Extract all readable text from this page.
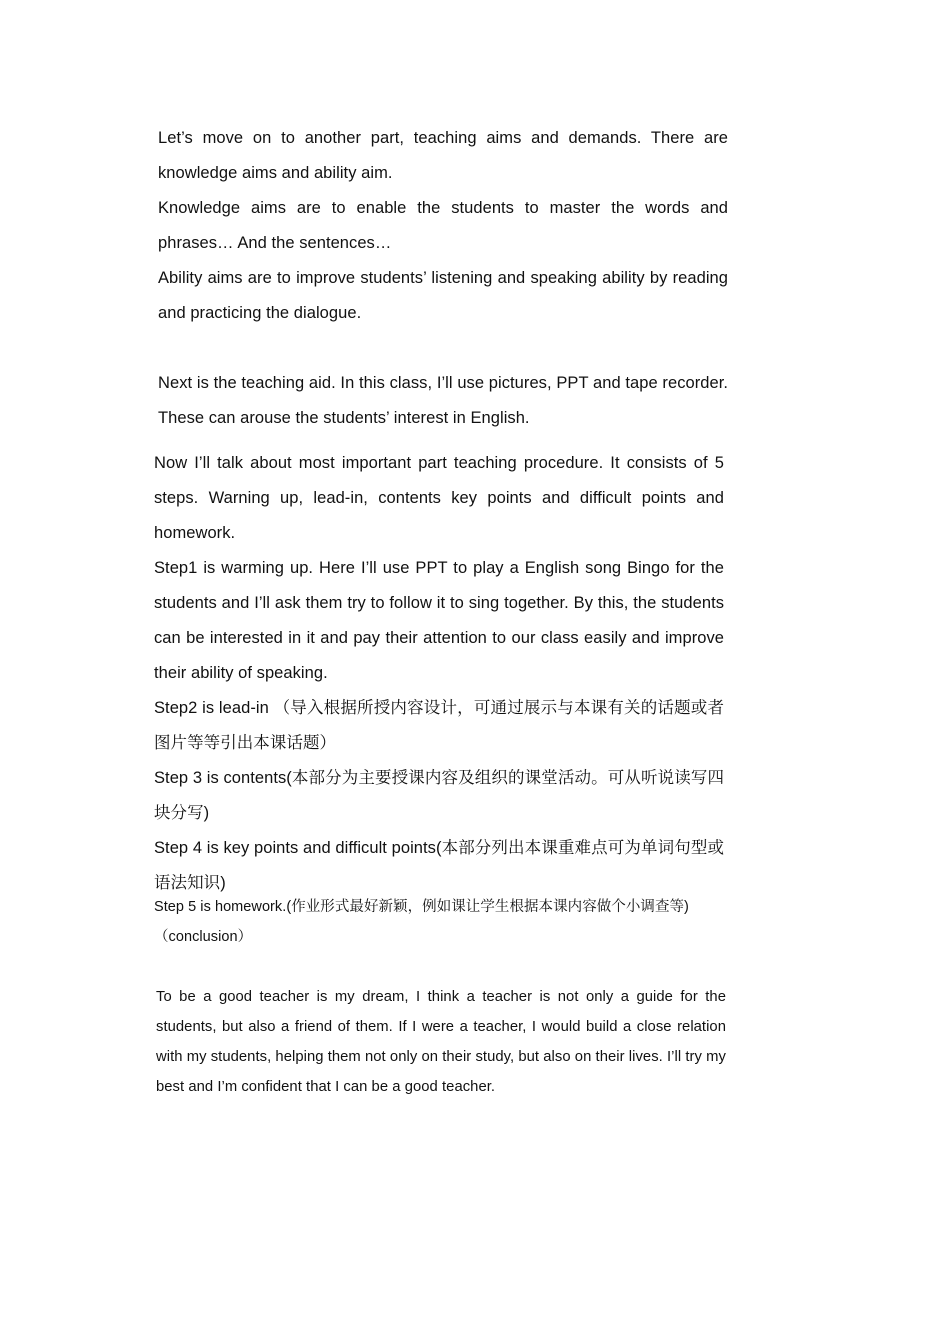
Let’s move on to another part, teaching aims and demands. There are knowledge aims and ability aim.

Knowledge aims are to enable the students to master the words and phrases… And the sentences…

Ability aims are to improve students’ listening and speaking ability by reading and practicing the dialogue.

Next is the teaching aid. In this class, I’ll use pictures, PPT and tape recorder. These can arouse the students’ interest in English.

Now I’ll talk about most important part teaching procedure. It consists of 5 steps. Warning up, lead-in, contents key points and difficult points and homework.

Step1 is warming up. Here I’ll use PPT to play a English song Bingo for the students and I’ll ask them try to follow it to sing together. By this, the students can be interested in it and pay their attention to our class easily and improve their ability of speaking.

Step2 is lead-in （导入根据所授内容设计，可通过展示与本课有关的话题或者图片等等引出本课话题）

Step 3 is contents(本部分为主要授课内容及组织的课堂活动。可从听说读写四块分写)

Step 4 is key points and difficult points(本部分列出本课重难点可为单词句型或语法知识)

Step 5 is homework.(作业形式最好新颖，例如课让学生根据本课内容做个小调查等)

（conclusion）

To be a good teacher is my dream, I think a teacher is not only a guide for the students, but also a friend of them. If I were a teacher, I would build a close relation with my students, helping them not only on their study, but also on their lives. I’ll try my best and I’m confident that I can be a good teacher.
